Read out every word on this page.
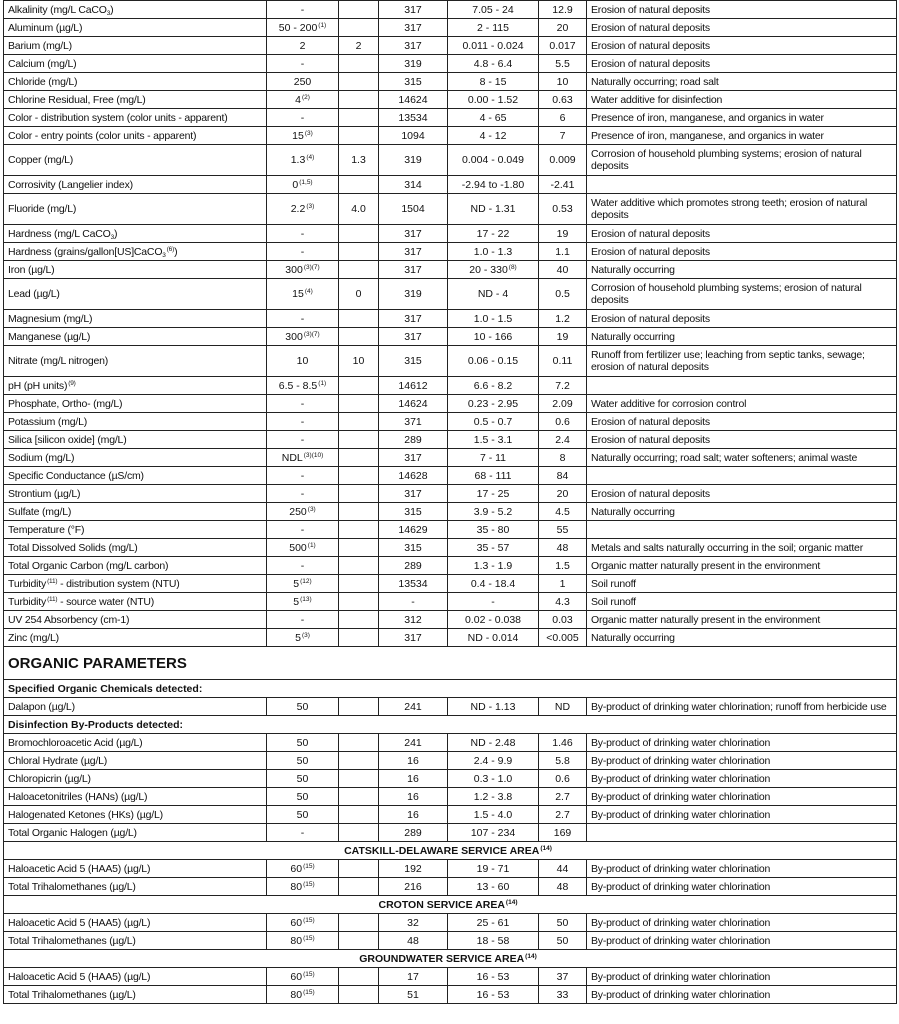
Alkalinity (mg/L CaCO$_3$)	-		317	7.05 - 24	12.9	Erosion of natural deposits
Aluminum (µg/L)	50 - 200$^{(1)}$		317	2 - 115	20	Erosion of natural deposits
Barium (mg/L)	2	2	317	0.011 - 0.024	0.017	Erosion of natural deposits
Calcium (mg/L)	-		319	4.8 - 6.4	5.5	Erosion of natural deposits
Chloride (mg/L)	250		315	8 - 15	10	Naturally occurring; road salt
Chlorine Residual, Free (mg/L)	4$^{(2)}$		14624	0.00 - 1.52	0.63	Water additive for disinfection
Color - distribution system (color units - apparent)	-		13534	4 - 65	6	Presence of iron, manganese, and organics in water
Color - entry points (color units - apparent)	15$^{(3)}$		1094	4 - 12	7	Presence of iron, manganese, and organics in water
Copper (mg/L)	1.3$^{(4)}$	1.3	319	0.004 - 0.049	0.009	Corrosion of household plumbing systems; erosion of natural deposits
Corrosivity (Langelier index)	0$^{(1,5)}$		314	-2.94 to -1.80	-2.41	
Fluoride (mg/L)	2.2$^{(3)}$	4.0	1504	ND - 1.31	0.53	Water additive which promotes strong teeth; erosion of natural deposits
Hardness (mg/L CaCO$_3$)	-		317	17 - 22	19	Erosion of natural deposits
Hardness (grains/gallon[US]CaCO$_3^{(6)}$)	-		317	1.0 - 1.3	1.1	Erosion of natural deposits
Iron (µg/L)	$300^{(3)(7)}$		317	20 - 330$^{(8)}$	40	Naturally occurring
Lead (µg/L)	15$^{(4)}$	0	319	ND - 4	0.5	Corrosion of household plumbing systems; erosion of natural deposits
Magnesium (mg/L)	-		317	1.0 - 1.5	1.2	Erosion of natural deposits
Manganese (µg/L)	$300^{(3)(7)}$		317	10 - 166	19	Naturally occurring
Nitrate (mg/L nitrogen)	10	10	315	0.06 - 0.15	0.11	Runoff from fertilizer use; leaching from septic tanks, sewage; erosion of natural deposits
pH (pH units)$^{(9)}$	6.5 - 8.5$^{(1)}$		14612	6.6 - 8.2	7.2	
Phosphate, Ortho- (mg/L)	-		14624	0.23 - 2.95	2.09	Water additive for corrosion control
Potassium (mg/L)	-		371	0.5 - 0.7	0.6	Erosion of natural deposits
Silica [silicon oxide] (mg/L)	-		289	1.5 - 3.1	2.4	Erosion of natural deposits
Sodium (mg/L)	$NDL^{(3)(10)}$		317	7 - 11	8	Naturally occurring; road salt; water softeners; animal waste
Specific Conductance (µS/cm)	-		14628	68 - 111	84	
Strontium (µg/L)	-		317	17 - 25	20	Erosion of natural deposits
Sulfate (mg/L)	250$^{(3)}$		315	3.9 - 5.2	4.5	Naturally occurring
Temperature (°F)	-		14629	35 - 80	55	
Total Dissolved Solids (mg/L)	500$^{(1)}$		315	35 - 57	48	Metals and salts naturally occurring in the soil; organic matter
Total Organic Carbon (mg/L carbon)	-		289	1.3 - 1.9	1.5	Organic matter naturally present in the environment
Turbidity$^{(11)}$ - distribution system (NTU)	5$^{(12)}$		13534	0.4 - 18.4	1	Soil runoff
Turbidity$^{(11)}$ - source water (NTU)	5$^{(13)}$		-	-	4.3	Soil runoff
UV 254 Absorbency (cm-1)	-		312	0.02 - 0.038	0.03	Organic matter naturally present in the environment
Zinc (mg/L)	5$^{(3)}$		317	ND - 0.014	<0.005	Naturally occurring
ORGANIC PARAMETERS						
Specified Organic Chemicals detected:						
Dalapon (µg/L)	50		241	ND - 1.13	ND	By-product of drinking water chlorination; runoff from herbicide use
Disinfection By-Products detected:						
Bromochloroacetic Acid (µg/L)	50		241	ND - 2.48	1.46	By-product of drinking water chlorination
Chloral Hydrate (µg/L)	50		16	2.4 - 9.9	5.8	By-product of drinking water chlorination
Chloropicrin (µg/L)	50		16	0.3 - 1.0	0.6	By-product of drinking water chlorination
Haloacetonitriles (HANs) (µg/L)	50		16	1.2 - 3.8	2.7	By-product of drinking water chlorination
Halogenated Ketones (HKs) (µg/L)	50		16	1.5 - 4.0	2.7	By-product of drinking water chlorination
Total Organic Halogen (µg/L)	-		289	107 - 234	169	
CATSKILL-DELAWARE SERVICE AREA$^{(14)}$
Haloacetic Acid 5 (HAA5) (µg/L)	60$^{(15)}$		192	19 - 71	44	By-product of drinking water chlorination
Total Trihalomethanes (µg/L)	80$^{(15)}$		216	13 - 60	48	By-product of drinking water chlorination
CROTON SERVICE AREA$^{(14)}$
Haloacetic Acid 5 (HAA5) (µg/L)	60$^{(15)}$		32	25 - 61	50	By-product of drinking water chlorination
Total Trihalomethanes (µg/L)	80$^{(15)}$		48	18 - 58	50	By-product of drinking water chlorination
GROUNDWATER SERVICE AREA$^{(14)}$
Haloacetic Acid 5 (HAA5) (µg/L)	60$^{(15)}$		17	16 - 53	37	By-product of drinking water chlorination
Total Trihalomethanes (µg/L)	80$^{(15)}$		51	16 - 53	33	By-product of drinking water chlorination
